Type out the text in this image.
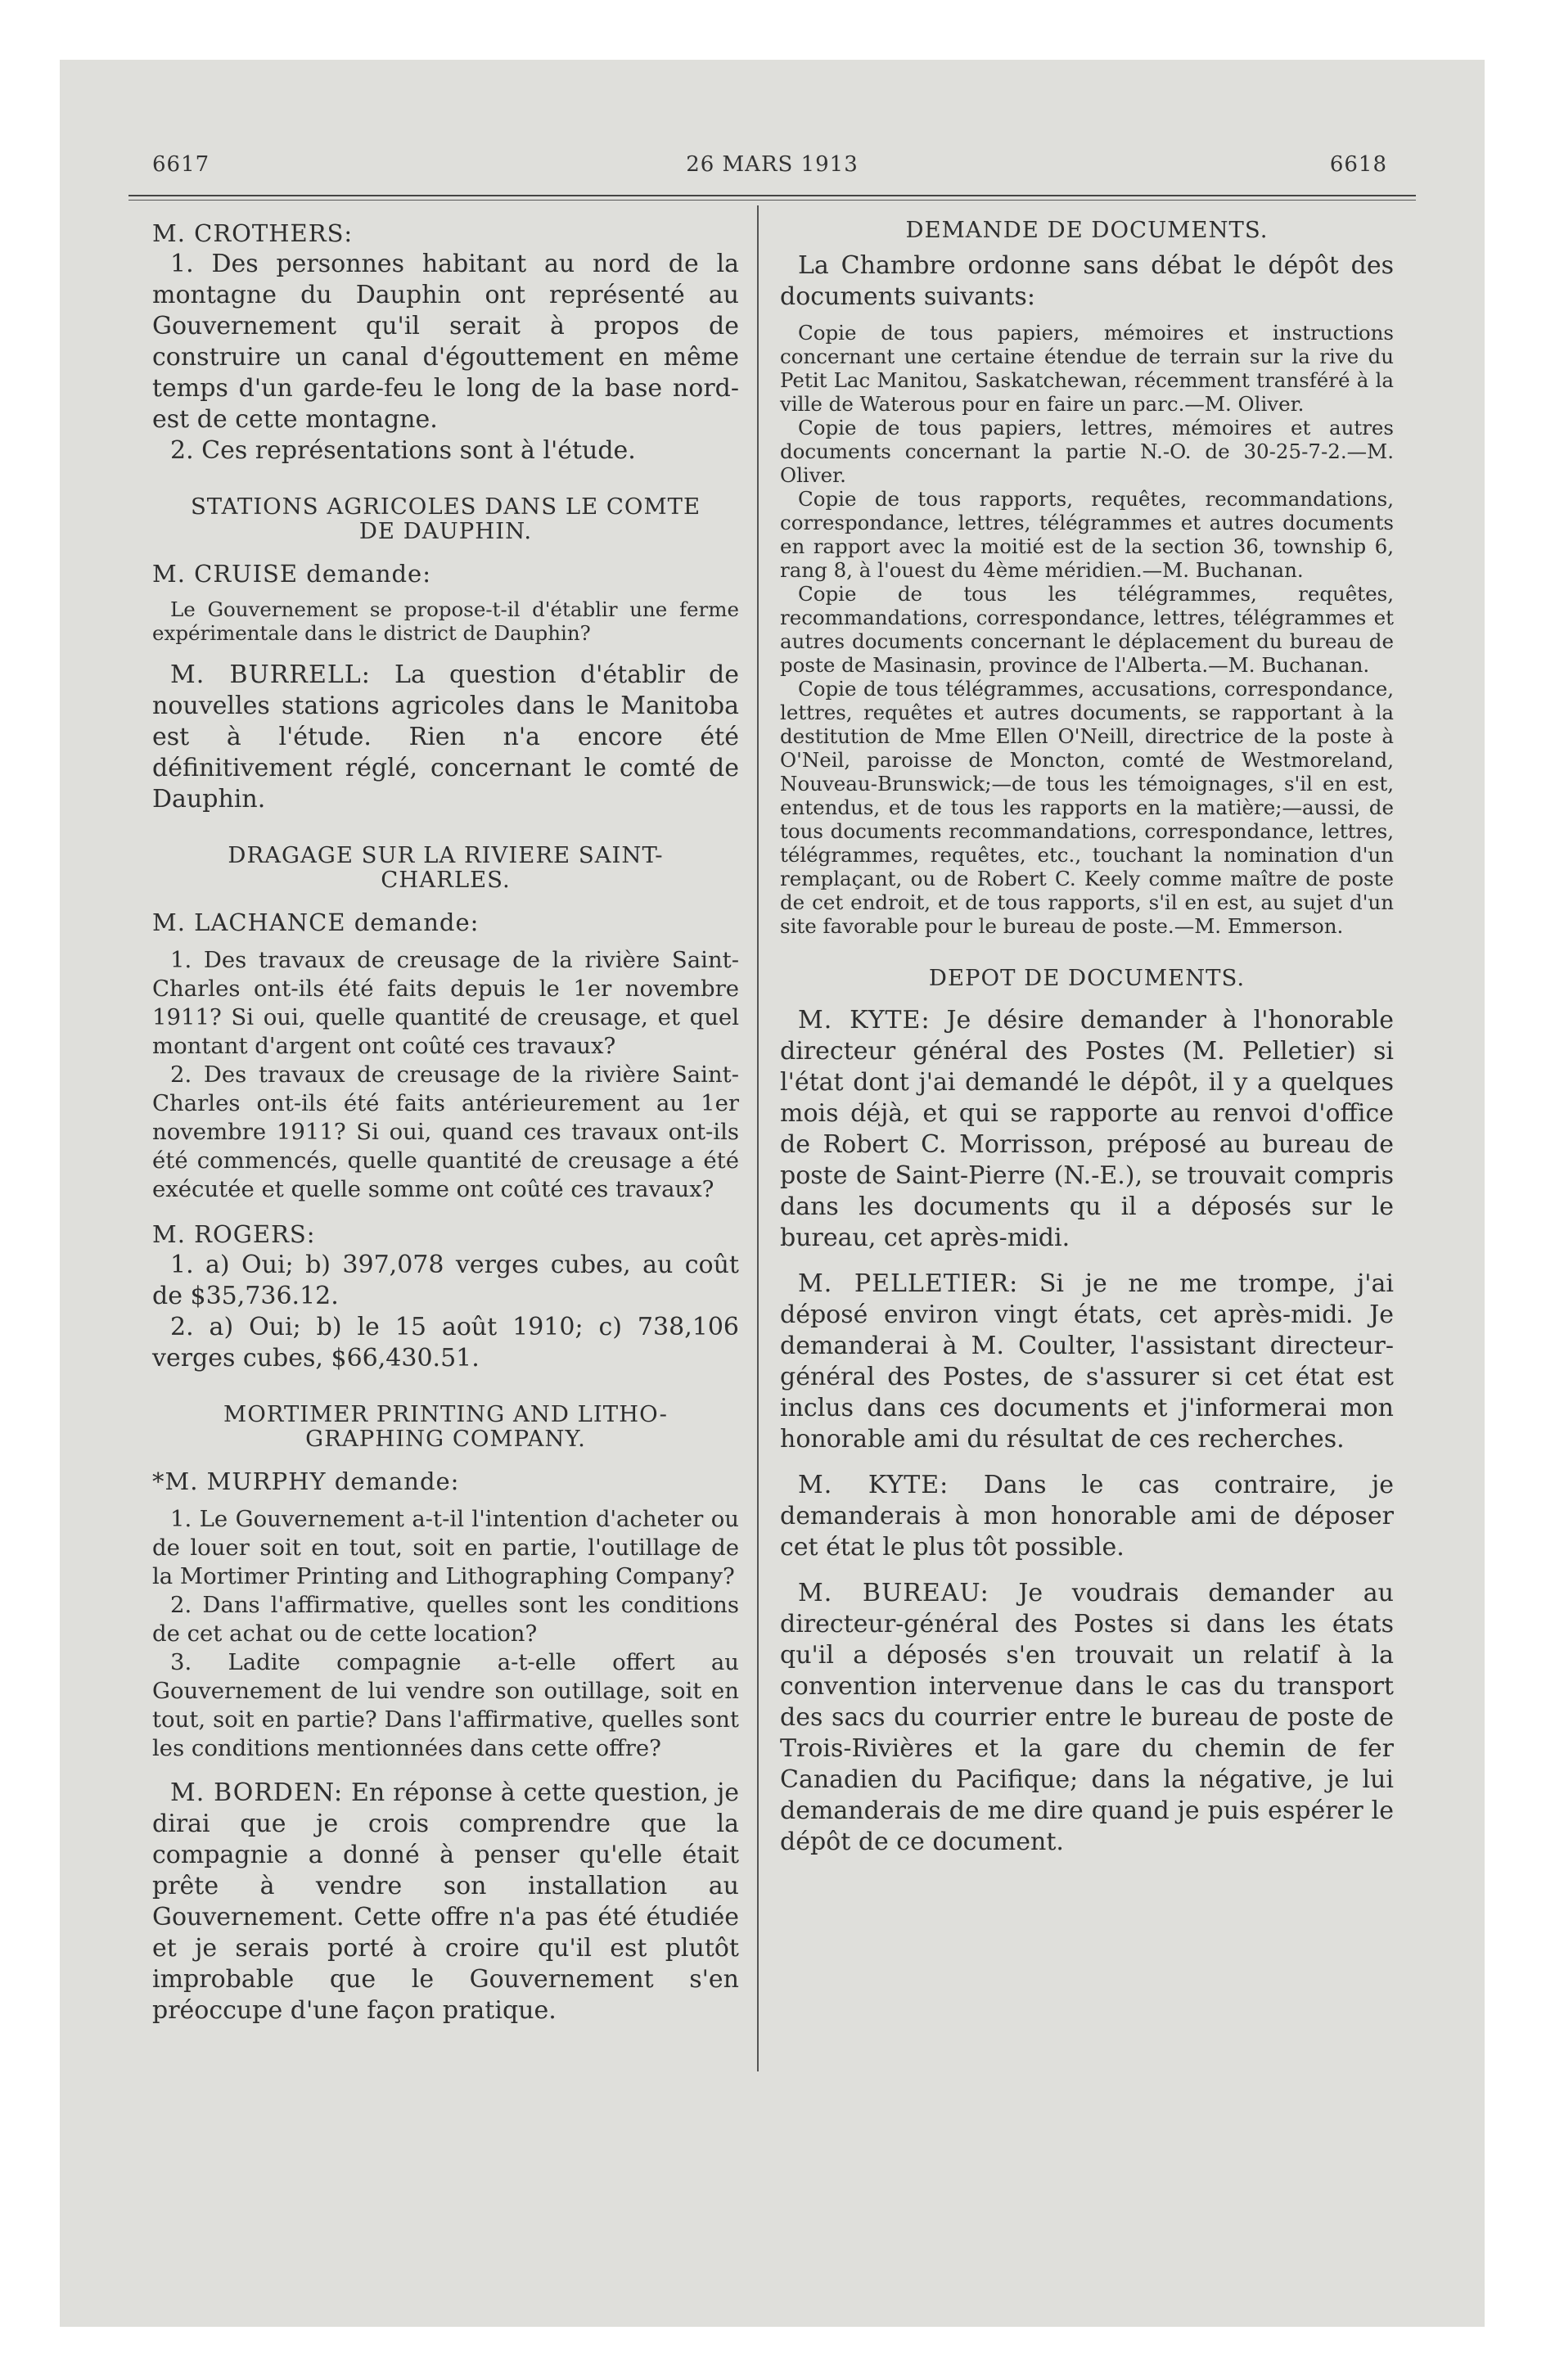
6617	26 MARS 1913	6618

M. CROTHERS:

1. Des personnes habitant au nord de la montagne du Dauphin ont représenté au Gouvernement qu'il serait à propos de construire un canal d'égouttement en même temps d'un garde-feu le long de la base nord-est de cette montagne.

2. Ces représentations sont à l'étude.

STATIONS AGRICOLES DANS LE COMTE
DE DAUPHIN.

M. CRUISE demande:

Le Gouvernement se propose-t-il d'établir une ferme expérimentale dans le district de Dauphin?

M. BURRELL: La question d'établir de nouvelles stations agricoles dans le Manitoba est à l'étude. Rien n'a encore été définitivement réglé, concernant le comté de Dauphin.

DRAGAGE SUR LA RIVIERE SAINT-
CHARLES.

M. LACHANCE demande:

1. Des travaux de creusage de la rivière Saint-Charles ont-ils été faits depuis le 1er novembre 1911? Si oui, quelle quantité de creusage, et quel montant d'argent ont coûté ces travaux?

2. Des travaux de creusage de la rivière Saint-Charles ont-ils été faits antérieurement au 1er novembre 1911? Si oui, quand ces travaux ont-ils été commencés, quelle quantité de creusage a été exécutée et quelle somme ont coûté ces travaux?

M. ROGERS:

1. a) Oui; b) 397,078 verges cubes, au coût de $35,736.12.

2. a) Oui; b) le 15 août 1910; c) 738,106 verges cubes, $66,430.51.

MORTIMER PRINTING AND LITHO-
GRAPHING COMPANY.

*M. MURPHY demande:

1. Le Gouvernement a-t-il l'intention d'acheter ou de louer soit en tout, soit en partie, l'outillage de la Mortimer Printing and Lithographing Company?

2. Dans l'affirmative, quelles sont les conditions de cet achat ou de cette location?

3. Ladite compagnie a-t-elle offert au Gouvernement de lui vendre son outillage, soit en tout, soit en partie? Dans l'affirmative, quelles sont les conditions mentionnées dans cette offre?

M. BORDEN: En réponse à cette question, je dirai que je crois comprendre que la compagnie a donné à penser qu'elle était prête à vendre son installation au Gouvernement. Cette offre n'a pas été étudiée et je serais porté à croire qu'il est plutôt improbable que le Gouvernement s'en préoccupe d'une façon pratique.

DEMANDE DE DOCUMENTS.

La Chambre ordonne sans débat le dépôt des documents suivants:

Copie de tous papiers, mémoires et instructions concernant une certaine étendue de terrain sur la rive du Petit Lac Manitou, Saskatchewan, récemment transféré à la ville de Waterous pour en faire un parc.—M. Oliver.

Copie de tous papiers, lettres, mémoires et autres documents concernant la partie N.-O. de 30-25-7-2.—M. Oliver.

Copie de tous rapports, requêtes, recommandations, correspondance, lettres, télégrammes et autres documents en rapport avec la moitié est de la section 36, township 6, rang 8, à l'ouest du 4ème méridien.—M. Buchanan.

Copie de tous les télégrammes, requêtes, recommandations, correspondance, lettres, télégrammes et autres documents concernant le déplacement du bureau de poste de Masinasin, province de l'Alberta.—M. Buchanan.

Copie de tous télégrammes, accusations, correspondance, lettres, requêtes et autres documents, se rapportant à la destitution de Mme Ellen O'Neill, directrice de la poste à O'Neil, paroisse de Moncton, comté de Westmoreland, Nouveau-Brunswick;—de tous les témoignages, s'il en est, entendus, et de tous les rapports en la matière;—aussi, de tous documents recommandations, correspondance, lettres, télégrammes, requêtes, etc., touchant la nomination d'un remplaçant, ou de Robert C. Keely comme maître de poste de cet endroit, et de tous rapports, s'il en est, au sujet d'un site favorable pour le bureau de poste.—M. Emmerson.

DEPOT DE DOCUMENTS.

M. KYTE: Je désire demander à l'honorable directeur général des Postes (M. Pelletier) si l'état dont j'ai demandé le dépôt, il y a quelques mois déjà, et qui se rapporte au renvoi d'office de Robert C. Morrisson, préposé au bureau de poste de Saint-Pierre (N.-E.), se trouvait compris dans les documents qu il a déposés sur le bureau, cet après-midi.

M. PELLETIER: Si je ne me trompe, j'ai déposé environ vingt états, cet après-midi. Je demanderai à M. Coulter, l'assistant directeur-général des Postes, de s'assurer si cet état est inclus dans ces documents et j'informerai mon honorable ami du résultat de ces recherches.

M. KYTE: Dans le cas contraire, je demanderais à mon honorable ami de déposer cet état le plus tôt possible.

M. BUREAU: Je voudrais demander au directeur-général des Postes si dans les états qu'il a déposés s'en trouvait un relatif à la convention intervenue dans le cas du transport des sacs du courrier entre le bureau de poste de Trois-Rivières et la gare du chemin de fer Canadien du Pacifique; dans la négative, je lui demanderais de me dire quand je puis espérer le dépôt de ce document.
